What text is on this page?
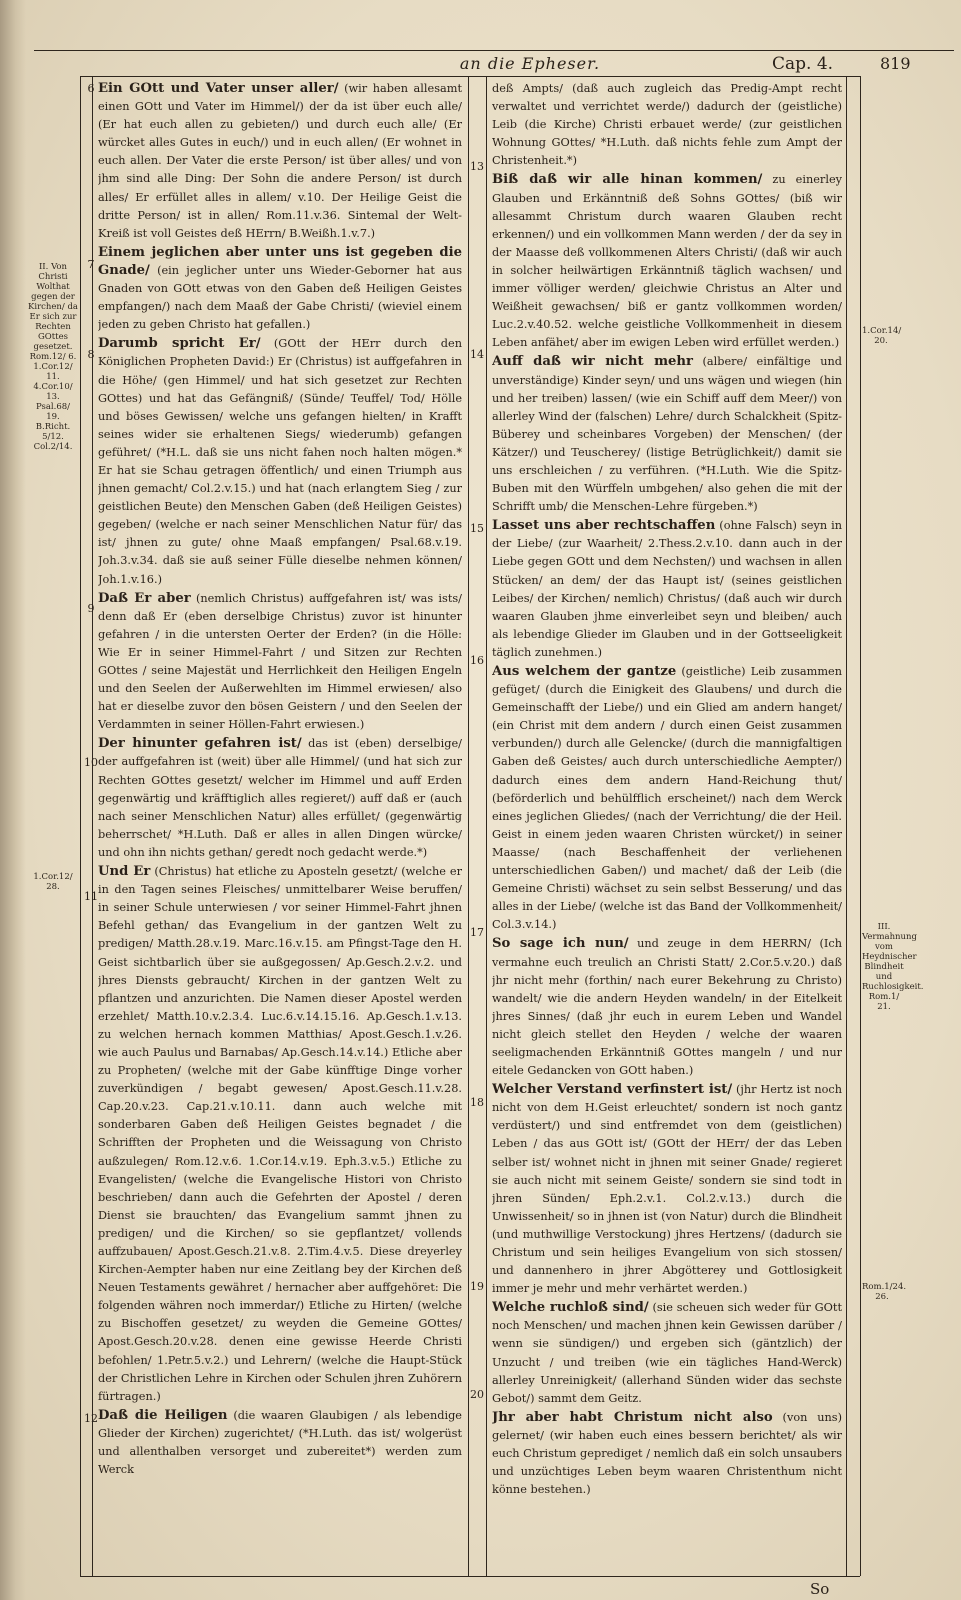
an die Epheser.	Cap. 4.	819
6
7
8
9
10
11
12
13
14
15
16
17
18
19
20
II. Von Christi Wolthat gegen der Kirchen/ da Er sich zur Rechten GOttes gesetzet. Rom.12/ 6. 1.Cor.12/ 11. 4.Cor.10/ 13. Psal.68/ 19. B.Richt. 5/12. Col.2/14.
1.Cor.12/ 28.
1.Cor.14/ 20.
III. Vermahnung vom Heydnischer Blindheit und Ruchlosigkeit. Rom.1/ 21.
Rom.1/24. 26.

Ein GOtt und Vater unser aller/ (wir haben allesamt einen GOtt und Vater im Himmel/) der da ist über euch alle/ (Er hat euch allen zu gebieten/) und durch euch alle/ (Er würcket alles Gutes in euch/) und in euch allen/ (Er wohnet in euch allen. Der Vater die erste Person/ ist über alles/ und von jhm sind alle Ding: Der Sohn die andere Person/ ist durch alles/ Er erfüllet alles in allem/ v.10. Der Heilige Geist die dritte Person/ ist in allen/ Rom.11.v.36. Sintemal der Welt-Kreiß ist voll Geistes deß HErrn/ B.Weißh.1.v.7.)

Einem jeglichen aber unter uns ist gegeben die Gnade/ (ein jeglicher unter uns Wieder-Geborner hat aus Gnaden von GOtt etwas von den Gaben deß Heiligen Geistes empfangen/) nach dem Maaß der Gabe Christi/ (wieviel einem jeden zu geben Christo hat gefallen.)

Darumb spricht Er/ (GOtt der HErr durch den Königlichen Propheten David:) Er (Christus) ist auffgefahren in die Höhe/ (gen Himmel/ und hat sich gesetzet zur Rechten GOttes) und hat das Gefängniß/ (Sünde/ Teuffel/ Tod/ Hölle und böses Gewissen/ welche uns gefangen hielten/ in Krafft seines wider sie erhaltenen Siegs/ wiederumb) gefangen geführet/ (*H.L. daß sie uns nicht fahen noch halten mögen.* Er hat sie Schau getragen öffentlich/ und einen Triumph aus jhnen gemacht/ Col.2.v.15.) und hat (nach erlangtem Sieg / zur geistlichen Beute) den Menschen Gaben (deß Heiligen Geistes) gegeben/ (welche er nach seiner Menschlichen Natur für/ das ist/ jhnen zu gute/ ohne Maaß empfangen/ Psal.68.v.19. Joh.3.v.34. daß sie auß seiner Fülle dieselbe nehmen können/ Joh.1.v.16.)

Daß Er aber (nemlich Christus) auffgefahren ist/ was ists/ denn daß Er (eben derselbige Christus) zuvor ist hinunter gefahren / in die untersten Oerter der Erden? (in die Hölle: Wie Er in seiner Himmel-Fahrt / und Sitzen zur Rechten GOttes / seine Majestät und Herrlichkeit den Heiligen Engeln und den Seelen der Außerwehlten im Himmel erwiesen/ also hat er dieselbe zuvor den bösen Geistern / und den Seelen der Verdammten in seiner Höllen-Fahrt erwiesen.)

Der hinunter gefahren ist/ das ist (eben) derselbige/ der auffgefahren ist (weit) über alle Himmel/ (und hat sich zur Rechten GOttes gesetzt/ welcher im Himmel und auff Erden gegenwärtig und kräfftiglich alles regieret/) auff daß er (auch nach seiner Menschlichen Natur) alles erfüllet/ (gegenwärtig beherrschet/ *H.Luth. Daß er alles in allen Dingen würcke/ und ohn ihn nichts gethan/ geredt noch gedacht werde.*)

Und Er (Christus) hat etliche zu Aposteln gesetzt/ (welche er in den Tagen seines Fleisches/ unmittelbarer Weise beruffen/ in seiner Schule unterwiesen / vor seiner Himmel-Fahrt jhnen Befehl gethan/ das Evangelium in der gantzen Welt zu predigen/ Matth.28.v.19. Marc.16.v.15. am Pfingst-Tage den H. Geist sichtbarlich über sie außgegossen/ Ap.Gesch.2.v.2. und jhres Diensts gebraucht/ Kirchen in der gantzen Welt zu pflantzen und anzurichten. Die Namen dieser Apostel werden erzehlet/ Matth.10.v.2.3.4. Luc.6.v.14.15.16. Ap.Gesch.1.v.13. zu welchen hernach kommen Matthias/ Apost.Gesch.1.v.26. wie auch Paulus und Barnabas/ Ap.Gesch.14.v.14.) Etliche aber zu Propheten/ (welche mit der Gabe künfftige Dinge vorher zuverkündigen / begabt gewesen/ Apost.Gesch.11.v.28. Cap.20.v.23. Cap.21.v.10.11. dann auch welche mit sonderbaren Gaben deß Heiligen Geistes begnadet / die Schrifften der Propheten und die Weissagung von Christo außzulegen/ Rom.12.v.6. 1.Cor.14.v.19. Eph.3.v.5.) Etliche zu Evangelisten/ (welche die Evangelische Histori von Christo beschrieben/ dann auch die Gefehrten der Apostel / deren Dienst sie brauchten/ das Evangelium sammt jhnen zu predigen/ und die Kirchen/ so sie gepflantzet/ vollends auffzubauen/ Apost.Gesch.21.v.8. 2.Tim.4.v.5. Diese dreyerley Kirchen-Aempter haben nur eine Zeitlang bey der Kirchen deß Neuen Testaments gewähret / hernacher aber auffgehöret: Die folgenden währen noch immerdar/) Etliche zu Hirten/ (welche zu Bischoffen gesetzet/ zu weyden die Gemeine GOttes/ Apost.Gesch.20.v.28. denen eine gewisse Heerde Christi befohlen/ 1.Petr.5.v.2.) und Lehrern/ (welche die Haupt-Stück der Christlichen Lehre in Kirchen oder Schulen jhren Zuhörern fürtragen.)

Daß die Heiligen (die waaren Glaubigen / als lebendige Glieder der Kirchen) zugerichtet/ (*H.Luth. das ist/ wolgerüst und allenthalben versorget und zubereitet*) werden zum Werck

deß Ampts/ (daß auch zugleich das Predig-Ampt recht verwaltet und verrichtet werde/) dadurch der (geistliche) Leib (die Kirche) Christi erbauet werde/ (zur geistlichen Wohnung GOttes/ *H.Luth. daß nichts fehle zum Ampt der Christenheit.*)

Biß daß wir alle hinan kommen/ zu einerley Glauben und Erkänntniß deß Sohns GOttes/ (biß wir allesammt Christum durch waaren Glauben recht erkennen/) und ein vollkommen Mann werden / der da sey in der Maasse deß vollkommenen Alters Christi/ (daß wir auch in solcher heilwärtigen Erkänntniß täglich wachsen/ und immer völliger werden/ gleichwie Christus an Alter und Weißheit gewachsen/ biß er gantz vollkommen worden/ Luc.2.v.40.52. welche geistliche Vollkommenheit in diesem Leben anfähet/ aber im ewigen Leben wird erfüllet werden.)

Auff daß wir nicht mehr (albere/ einfältige und unverständige) Kinder seyn/ und uns wägen und wiegen (hin und her treiben) lassen/ (wie ein Schiff auff dem Meer/) von allerley Wind der (falschen) Lehre/ durch Schalckheit (Spitz-Büberey und scheinbares Vorgeben) der Menschen/ (der Kätzer/) und Teuscherey/ (listige Betrüglichkeit/) damit sie uns erschleichen / zu verführen. (*H.Luth. Wie die Spitz-Buben mit den Würffeln umbgehen/ also gehen die mit der Schrifft umb/ die Menschen-Lehre fürgeben.*)

Lasset uns aber rechtschaffen (ohne Falsch) seyn in der Liebe/ (zur Waarheit/ 2.Thess.2.v.10. dann auch in der Liebe gegen GOtt und dem Nechsten/) und wachsen in allen Stücken/ an dem/ der das Haupt ist/ (seines geistlichen Leibes/ der Kirchen/ nemlich) Christus/ (daß auch wir durch waaren Glauben jhme einverleibet seyn und bleiben/ auch als lebendige Glieder im Glauben und in der Gottseeligkeit täglich zunehmen.)

Aus welchem der gantze (geistliche) Leib zusammen gefüget/ (durch die Einigkeit des Glaubens/ und durch die Gemeinschafft der Liebe/) und ein Glied am andern hanget/ (ein Christ mit dem andern / durch einen Geist zusammen verbunden/) durch alle Gelencke/ (durch die mannigfaltigen Gaben deß Geistes/ auch durch unterschiedliche Aempter/) dadurch eines dem andern Hand-Reichung thut/ (beförderlich und behülfflich erscheinet/) nach dem Werck eines jeglichen Gliedes/ (nach der Verrichtung/ die der Heil. Geist in einem jeden waaren Christen würcket/) in seiner Maasse/ (nach Beschaffenheit der verliehenen unterschiedlichen Gaben/) und machet/ daß der Leib (die Gemeine Christi) wächset zu sein selbst Besserung/ und das alles in der Liebe/ (welche ist das Band der Vollkommenheit/ Col.3.v.14.)

So sage ich nun/ und zeuge in dem HERRN/ (Ich vermahne euch treulich an Christi Statt/ 2.Cor.5.v.20.) daß jhr nicht mehr (forthin/ nach eurer Bekehrung zu Christo) wandelt/ wie die andern Heyden wandeln/ in der Eitelkeit jhres Sinnes/ (daß jhr euch in eurem Leben und Wandel nicht gleich stellet den Heyden / welche der waaren seeligmachenden Erkänntniß GOttes mangeln / und nur eitele Gedancken von GOtt haben.)

Welcher Verstand verfinstert ist/ (jhr Hertz ist noch nicht von dem H.Geist erleuchtet/ sondern ist noch gantz verdüstert/) und sind entfremdet von dem (geistlichen) Leben / das aus GOtt ist/ (GOtt der HErr/ der das Leben selber ist/ wohnet nicht in jhnen mit seiner Gnade/ regieret sie auch nicht mit seinem Geiste/ sondern sie sind todt in jhren Sünden/ Eph.2.v.1. Col.2.v.13.) durch die Unwissenheit/ so in jhnen ist (von Natur) durch die Blindheit (und muthwillige Verstockung) jhres Hertzens/ (dadurch sie Christum und sein heiliges Evangelium von sich stossen/ und dannenhero in jhrer Abgötterey und Gottlosigkeit immer je mehr und mehr verhärtet werden.)

Welche ruchloß sind/ (sie scheuen sich weder für GOtt noch Menschen/ und machen jhnen kein Gewissen darüber / wenn sie sündigen/) und ergeben sich (gäntzlich) der Unzucht / und treiben (wie ein tägliches Hand-Werck) allerley Unreinigkeit/ (allerhand Sünden wider das sechste Gebot/) sammt dem Geitz.

Jhr aber habt Christum nicht also (von uns) gelernet/ (wir haben euch eines bessern berichtet/ als wir euch Christum geprediget / nemlich daß ein solch unsaubers und unzüchtiges Leben beym waaren Christenthum nicht könne bestehen.)

So
